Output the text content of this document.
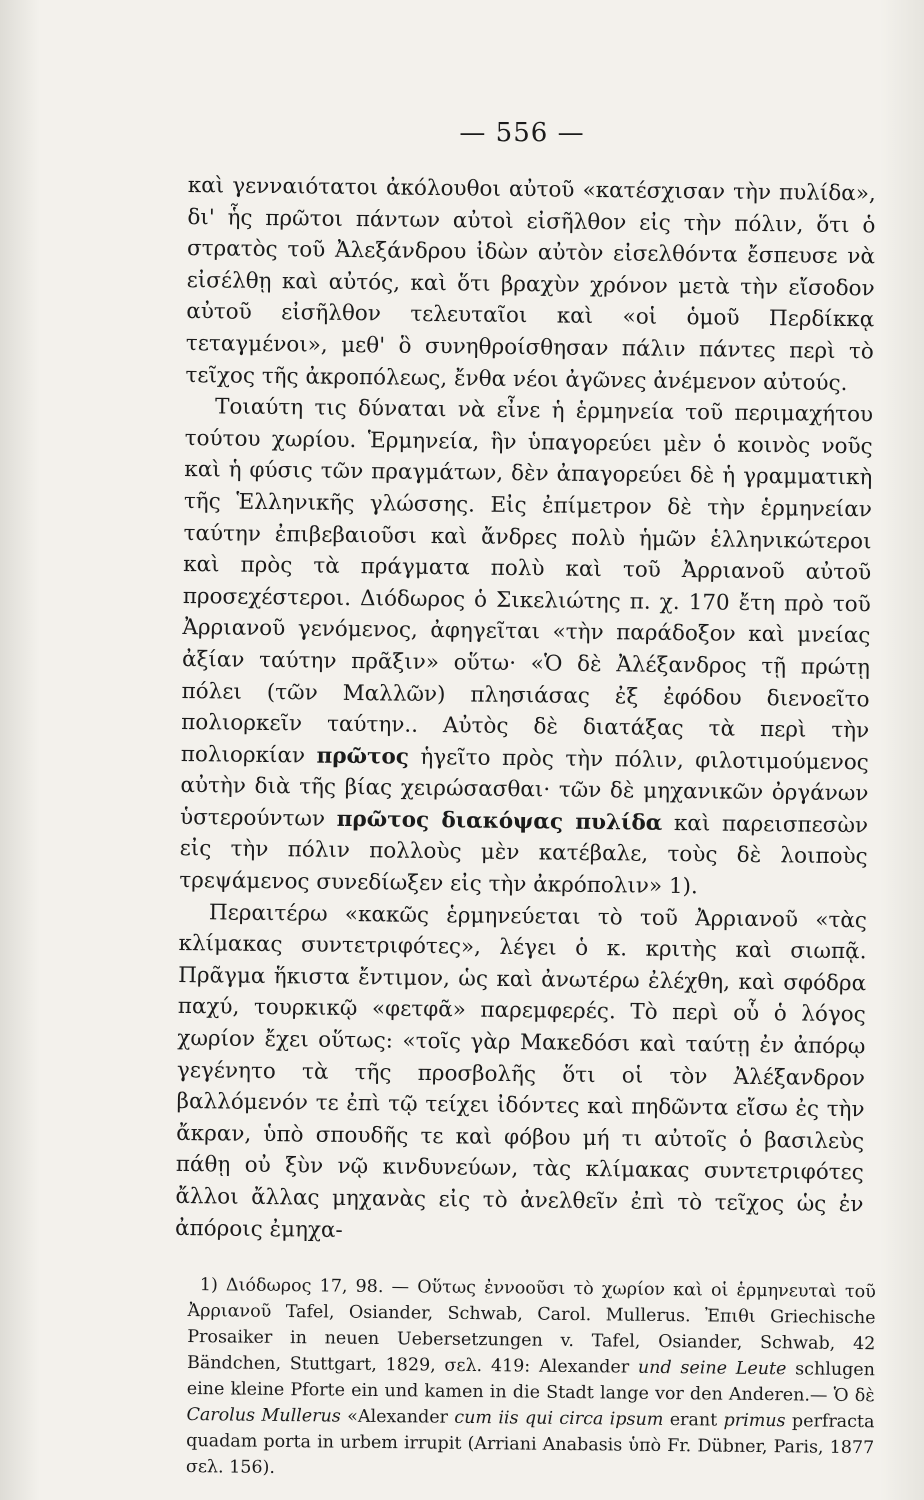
— 556 —

καὶ γενναιότατοι ἀκόλουθοι αὐτοῦ «κατέσχισαν τὴν πυλίδα», δι' ἧς πρῶτοι πάντων αὐτοὶ εἰσῆλθον εἰς τὴν πόλιν, ὅτι ὁ στρατὸς τοῦ Ἀλεξάνδρου ἰδὼν αὐτὸν εἰσελθόντα ἔσπευσε νὰ εἰσέλθῃ καὶ αὐτός, καὶ ὅτι βραχὺν χρόνον μετὰ τὴν εἴσοδον αὐτοῦ εἰσῆλθον τελευταῖοι καὶ «οἱ ὁμοῦ Περδίκκᾳ τεταγμένοι», μεθ' ὃ συνηθροίσθησαν πάλιν πάντες περὶ τὸ τεῖχος τῆς ἀκροπόλεως, ἔνθα νέοι ἀγῶνες ἀνέμενον αὐτούς.

Τοιαύτη τις δύναται νὰ εἶνε ἡ ἑρμηνεία τοῦ περιμαχήτου τούτου χωρίου. Ἑρμηνεία, ἣν ὑπαγορεύει μὲν ὁ κοινὸς νοῦς καὶ ἡ φύσις τῶν πραγμάτων, δὲν ἀπαγορεύει δὲ ἡ γραμματικὴ τῆς Ἑλληνικῆς γλώσσης. Εἰς ἐπίμετρον δὲ τὴν ἑρμηνείαν ταύτην ἐπιβεβαιοῦσι καὶ ἄνδρες πολὺ ἡμῶν ἑλληνικώτεροι καὶ πρὸς τὰ πράγματα πολὺ καὶ τοῦ Ἀρριανοῦ αὐτοῦ προσεχέστεροι. Διόδωρος ὁ Σικελιώτης π. χ. 170 ἔτη πρὸ τοῦ Ἀρριανοῦ γενόμενος, ἀφηγεῖται «τὴν παράδοξον καὶ μνείας ἀξίαν ταύτην πρᾶξιν» οὕτω· «Ὁ δὲ Ἀλέξανδρος τῇ πρώτῃ πόλει (τῶν Μαλλῶν) πλησιάσας ἐξ ἐφόδου διενοεῖτο πολιορκεῖν ταύτην.. Αὐτὸς δὲ διατάξας τὰ περὶ τὴν πολιορκίαν πρῶτος ἡγεῖτο πρὸς τὴν πόλιν, φιλοτιμούμενος αὐτὴν διὰ τῆς βίας χειρώσασθαι· τῶν δὲ μηχανικῶν ὀργάνων ὑστερούντων πρῶτος διακόψας πυλίδα καὶ παρεισπεσὼν εἰς τὴν πόλιν πολλοὺς μὲν κατέβαλε, τοὺς δὲ λοιποὺς τρεψάμενος συνεδίωξεν εἰς τὴν ἀκρόπολιν» 1).

Περαιτέρω «κακῶς ἑρμηνεύεται τὸ τοῦ Ἀρριανοῦ «τὰς κλίμακας συντετριφότες», λέγει ὁ κ. κριτὴς καὶ σιωπᾷ. Πρᾶγμα ἥκιστα ἔντιμον, ὡς καὶ ἀνωτέρω ἐλέχθη, καὶ σφόδρα παχύ, τουρκικῷ «φετφᾶ» παρεμφερές. Τὸ περὶ οὗ ὁ λόγος χωρίον ἔχει οὕτως: «τοῖς γὰρ Μακεδόσι καὶ ταύτῃ ἐν ἀπόρῳ γεγένητο τὰ τῆς προσβολῆς ὅτι οἱ τὸν Ἀλέξανδρον βαλλόμενόν τε ἐπὶ τῷ τείχει ἰδόντες καὶ πηδῶντα εἴσω ἐς τὴν ἄκραν, ὑπὸ σπουδῆς τε καὶ φόβου μή τι αὐτοῖς ὁ βασιλεὺς πάθῃ οὐ ξὺν νῷ κινδυνεύων, τὰς κλίμακας συντετριφότες ἄλλοι ἄλλας μηχανὰς εἰς τὸ ἀνελθεῖν ἐπὶ τὸ τεῖχος ὡς ἐν ἀπόροις ἐμηχα-

1) Διόδωρος 17, 98. — Οὕτως ἐννοοῦσι τὸ χωρίον καὶ οἱ ἑρμηνευταὶ τοῦ Ἀρριανοῦ Tafel, Osiander, Schwab, Carol. Mullerus. Ἐπιθι Griechische Prosaiker in neuen Uebersetzungen v. Tafel, Osiander, Schwab, 42 Bändchen, Stuttgart, 1829, σελ. 419: Alexander und seine Leute schlugen eine kleine Pforte ein und kamen in die Stadt lange vor den Anderen.— Ὁ δὲ Carolus Mullerus «Alexander cum iis qui circa ipsum erant primus perfracta quadam porta in urbem irrupit (Arriani Anabasis ὑπὸ Fr. Dübner, Paris, 1877 σελ. 156).
